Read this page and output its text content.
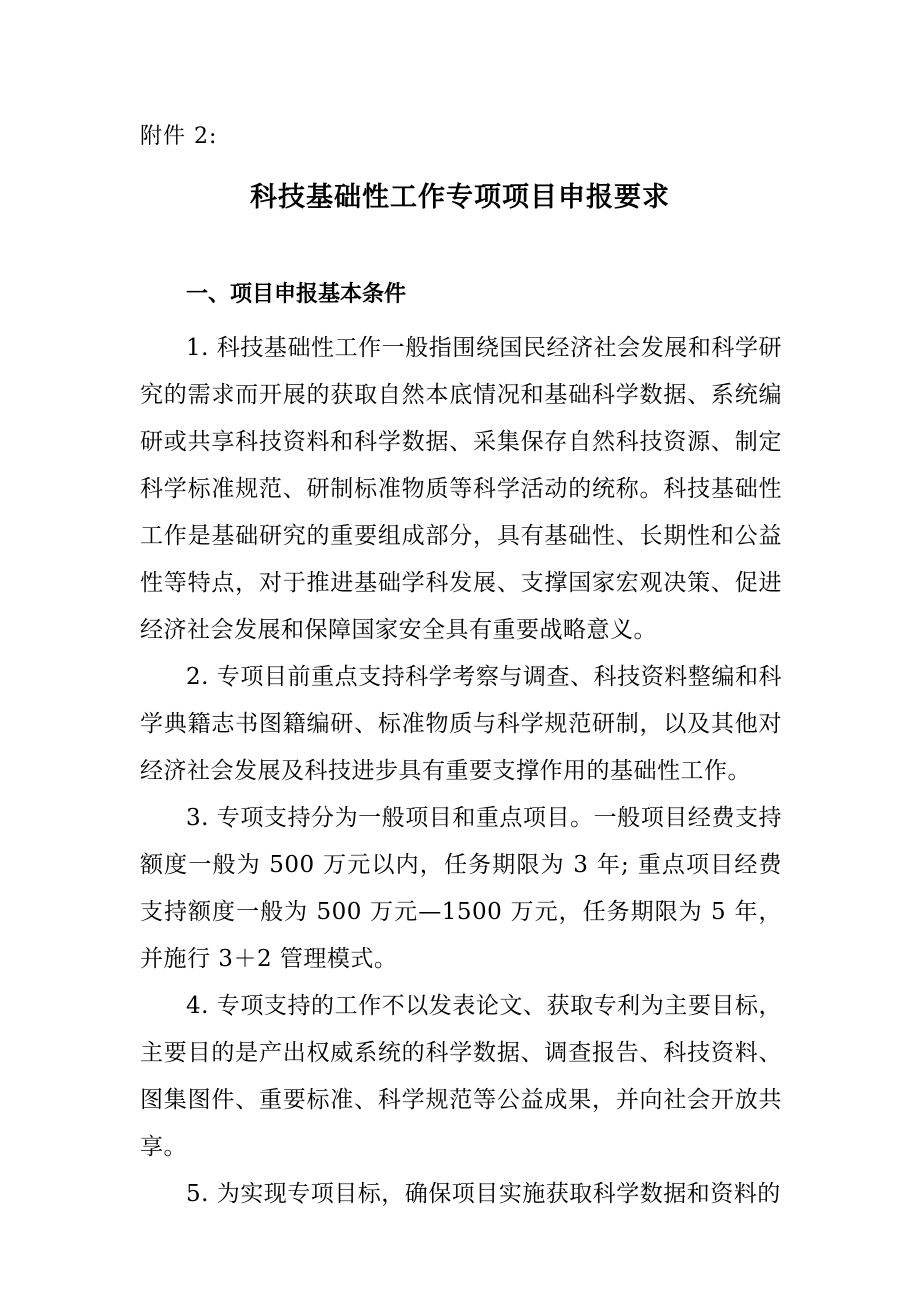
附件 2:
科技基础性工作专项项目申报要求
一、项目申报基本条件

1. 科技基础性工作一般指围绕国民经济社会发展和科学研究的需求而开展的获取自然本底情况和基础科学数据、系统编研或共享科技资料和科学数据、采集保存自然科技资源、制定科学标准规范、研制标准物质等科学活动的统称。科技基础性工作是基础研究的重要组成部分，具有基础性、长期性和公益性等特点，对于推进基础学科发展、支撑国家宏观决策、促进经济社会发展和保障国家安全具有重要战略意义。

2. 专项目前重点支持科学考察与调查、科技资料整编和科学典籍志书图籍编研、标准物质与科学规范研制，以及其他对经济社会发展及科技进步具有重要支撑作用的基础性工作。

3. 专项支持分为一般项目和重点项目。一般项目经费支持额度一般为 500 万元以内，任务期限为 3 年; 重点项目经费支持额度一般为 500 万元—1500 万元，任务期限为 5 年，并施行 3＋2 管理模式。

4. 专项支持的工作不以发表论文、获取专利为主要目标，主要目的是产出权威系统的科学数据、调查报告、科技资料、图集图件、重要标准、科学规范等公益成果，并向社会开放共享。

5. 为实现专项目标，确保项目实施获取科学数据和资料的
